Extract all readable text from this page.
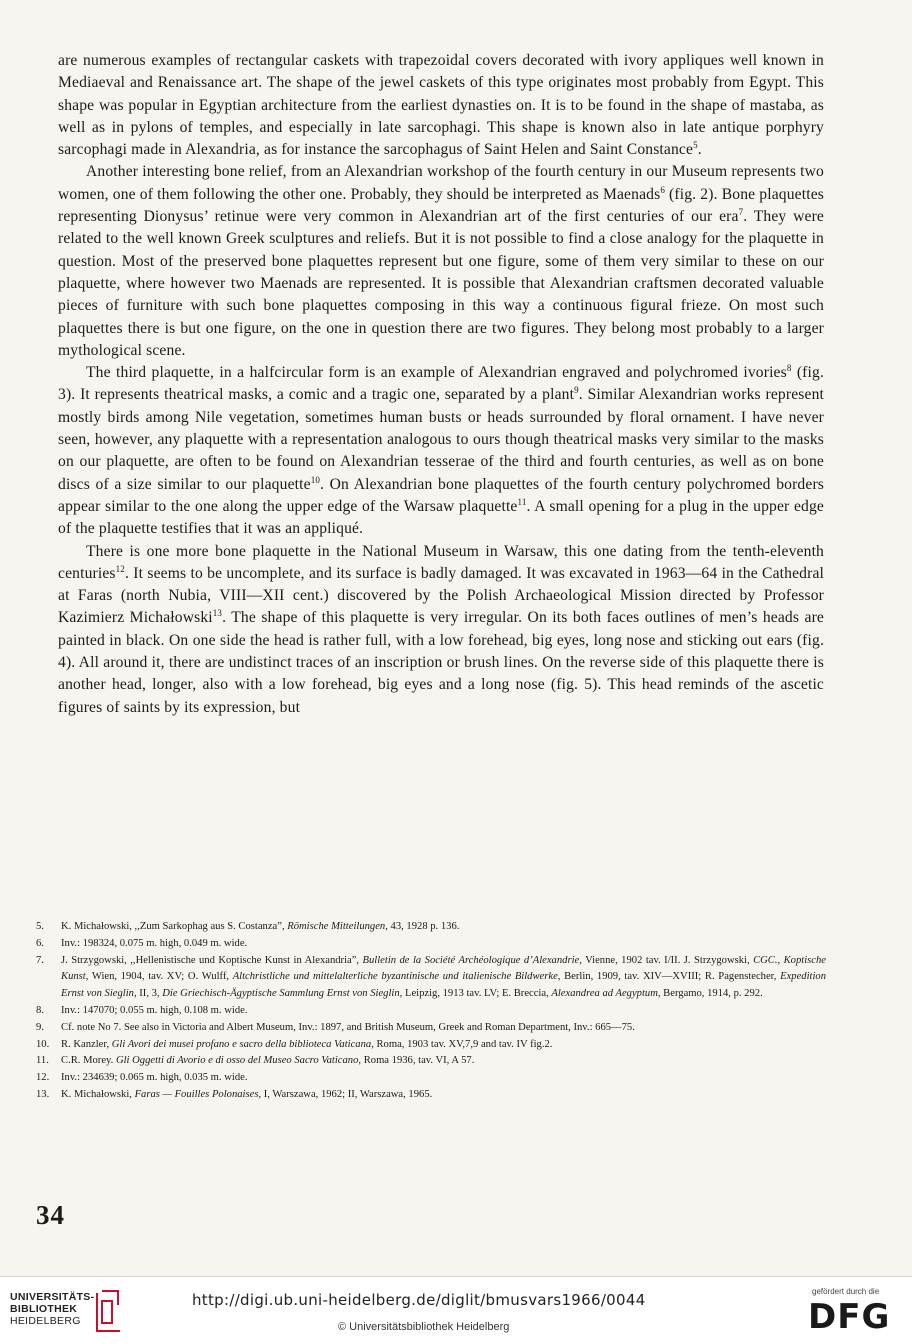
are numerous examples of rectangular caskets with trapezoidal covers decorated with ivory appliques well known in Mediaeval and Renaissance art. The shape of the jewel caskets of this type originates most probably from Egypt. This shape was popular in Egyptian architecture from the earliest dynasties on. It is to be found in the shape of mastaba, as well as in pylons of temples, and especially in late sarcophagi. This shape is known also in late antique porphyry sarcophagi made in Alexandria, as for instance the sarcophagus of Saint Helen and Saint Constance$^5$.

Another interesting bone relief, from an Alexandrian workshop of the fourth century in our Museum represents two women, one of them following the other one. Probably, they should be interpreted as Maenads$^6$ (fig. 2). Bone plaquettes representing Dionysus’ retinue were very common in Alexandrian art of the first centuries of our era$^7$. They were related to the well known Greek sculptures and reliefs. But it is not possible to find a close analogy for the plaquette in question. Most of the preserved bone plaquettes represent but one figure, some of them very similar to these on our plaquette, where however two Maenads are represented. It is possible that Alexandrian craftsmen decorated valuable pieces of furniture with such bone plaquettes composing in this way a continuous figural frieze. On most such plaquettes there is but one figure, on the one in question there are two figures. They belong most probably to a larger mythological scene.

The third plaquette, in a halfcircular form is an example of Alexandrian engraved and polychromed ivories$^8$ (fig. 3). It represents theatrical masks, a comic and a tragic one, separated by a plant$^9$. Similar Alexandrian works represent mostly birds among Nile vegetation, sometimes human busts or heads surrounded by floral ornament. I have never seen, however, any plaquette with a representation analogous to ours though theatrical masks very similar to the masks on our plaquette, are often to be found on Alexandrian tesserae of the third and fourth centuries, as well as on bone discs of a size similar to our plaquette$^{10}$. On Alexandrian bone plaquettes of the fourth century polychromed borders appear similar to the one along the upper edge of the Warsaw plaquette$^{11}$. A small opening for a plug in the upper edge of the plaquette testifies that it was an appliqué.

There is one more bone plaquette in the National Museum in Warsaw, this one dating from the tenth-eleventh centuries$^{12}$. It seems to be uncomplete, and its surface is badly damaged. It was excavated in 1963—64 in the Cathedral at Faras (north Nubia, VIII—XII cent.) discovered by the Polish Archaeological Mission directed by Professor Kazimierz Michałowski$^{13}$. The shape of this plaquette is very irregular. On its both faces outlines of men’s heads are painted in black. On one side the head is rather full, with a low forehead, big eyes, long nose and sticking out ears (fig. 4). All around it, there are undistinct traces of an inscription or brush lines. On the reverse side of this plaquette there is another head, longer, also with a low forehead, big eyes and a long nose (fig. 5). This head reminds of the ascetic figures of saints by its expression, but

5.	K. Michałowski, ,,Zum Sarkophag aus S. Costanza”, Römische Mitteilungen, 43, 1928 p. 136.
6.	Inv.: 198324, 0.075 m. high, 0.049 m. wide.
7.	J. Strzygowski, ,,Hellenistische und Koptische Kunst in Alexandria”, Bulletin de la Société Archéologique d’Alexandrie, Vienne, 1902 tav. I/II. J. Strzygowski, CGC., Koptische Kunst, Wien, 1904, tav. XV; O. Wulff, Altchristliche und mittelalterliche byzantinische und italienische Bildwerke, Berlin, 1909, tav. XIV—XVIII; R. Pagenstecher, Expedition Ernst von Sieglin, II, 3, Die Griechisch-Ägyptische Sammlung Ernst von Sieglin, Leipzig, 1913 tav. LV; E. Breccia, Alexandrea ad Aegyptum, Bergamo, 1914, p. 292.
8.	Inv.: 147070; 0.055 m. high, 0.108 m. wide.
9.	Cf. note No 7. See also in Victoria and Albert Museum, Inv.: 1897, and British Museum, Greek and Roman Department, Inv.: 665—75.
10.	R. Kanzler, Gli Avori dei musei profano e sacro della biblioteca Vaticana, Roma, 1903 tav. XV,7,9 and tav. IV fig.2.
11.	C.R. Morey. Gli Oggetti di Avorio e di osso del Museo Sacro Vaticano, Roma 1936, tav. VI, A 57.
12.	Inv.: 234639; 0.065 m. high, 0.035 m. wide.
13.	K. Michałowski, Faras — Fouilles Polonaises, I, Warszawa, 1962; II, Warszawa, 1965.
34
UNIVERSITÄTS-
BIBLIOTHEK
HEIDELBERG
http://digi.ub.uni-heidelberg.de/diglit/bmusvars1966/0044
© Universitätsbibliothek Heidelberg
gefördert durch die
DFG
